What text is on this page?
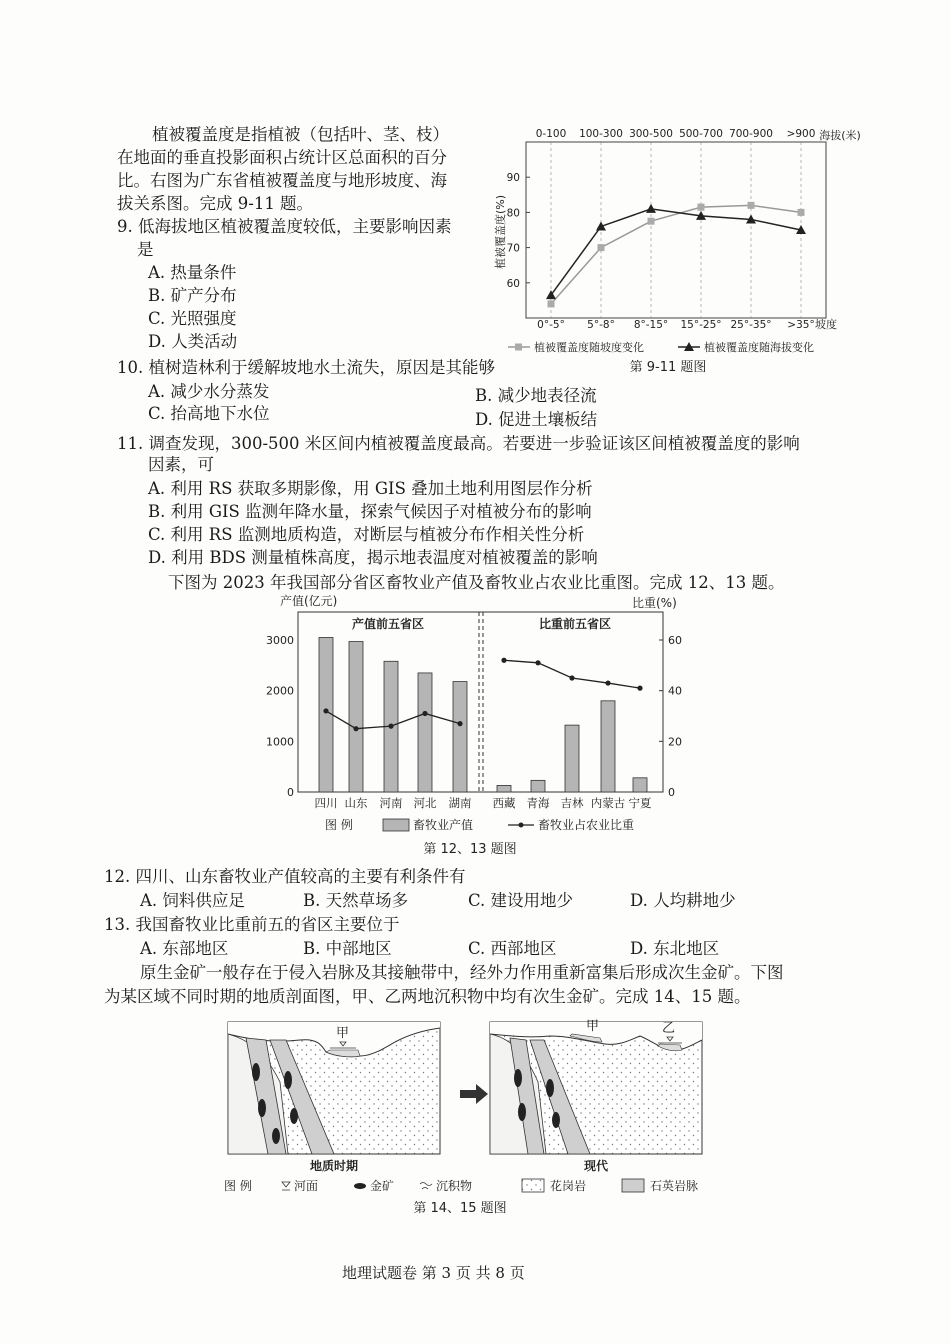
植被覆盖度是指植被（包括叶、茎、枝）
在地面的垂直投影面积占统计区总面积的百分
比。右图为广东省植被覆盖度与地形坡度、海
拔关系图。完成 9-11 题。
9. 低海拔地区植被覆盖度较低，主要影响因素
是
A. 热量条件
B. 矿产分布
C. 光照强度
D. 人类活动
10. 植树造林利于缓解坡地水土流失，原因是其能够
A. 减少水分蒸发	B. 减少地表径流
C. 抬高地下水位	D. 促进土壤板结
11. 调查发现，300-500 米区间内植被覆盖度最高。若要进一步验证该区间植被覆盖度的影响
因素，可
A. 利用 RS 获取多期影像，用 GIS 叠加土地利用图层作分析
B. 利用 GIS 监测年降水量，探索气候因子对植被分布的影响
C. 利用 RS 监测地质构造，对断层与植被分布作相关性分析
D. 利用 BDS 测量植株高度，揭示地表温度对植被覆盖的影响
下图为 2023 年我国部分省区畜牧业产值及畜牧业占农业比重图。完成 12、13 题。
0-100 100-300 300-500 500-700 700-900 >900
0°-5° 5°-8° 8°-15° 15°-25° 25°-35° >35°
60
70
80
90
植被覆盖度(%)
海拔(米)
坡度
植被覆盖度随坡度变化	植被覆盖度随海拔变化
第 9-11 题图
产值(亿元)	比重(%)
产值前五省区	比重前五省区
0
1000
2000
3000
0
20
40
60
四川 山东 河南 河北 湖南 西藏 青海 吉林 内蒙古 宁夏
图 例	畜牧业产值	畜牧业占农业比重
第 12、13 题图
12. 四川、山东畜牧业产值较高的主要有利条件有
A. 饲料供应足	B. 天然草场多	C. 建设用地少	D. 人均耕地少
13. 我国畜牧业比重前五的省区主要位于
A. 东部地区	B. 中部地区	C. 西部地区	D. 东北地区
原生金矿一般存在于侵入岩脉及其接触带中，经外力作用重新富集后形成次生金矿。下图
为某区域不同时期的地质剖面图，甲、乙两地沉积物中均有次生金矿。完成 14、15 题。
甲
地质时期
甲	乙
现代
图 例	河面	金矿	沉积物	花岗岩	石英岩脉
第 14、15 题图
地理试题卷 第 3 页 共 8 页
